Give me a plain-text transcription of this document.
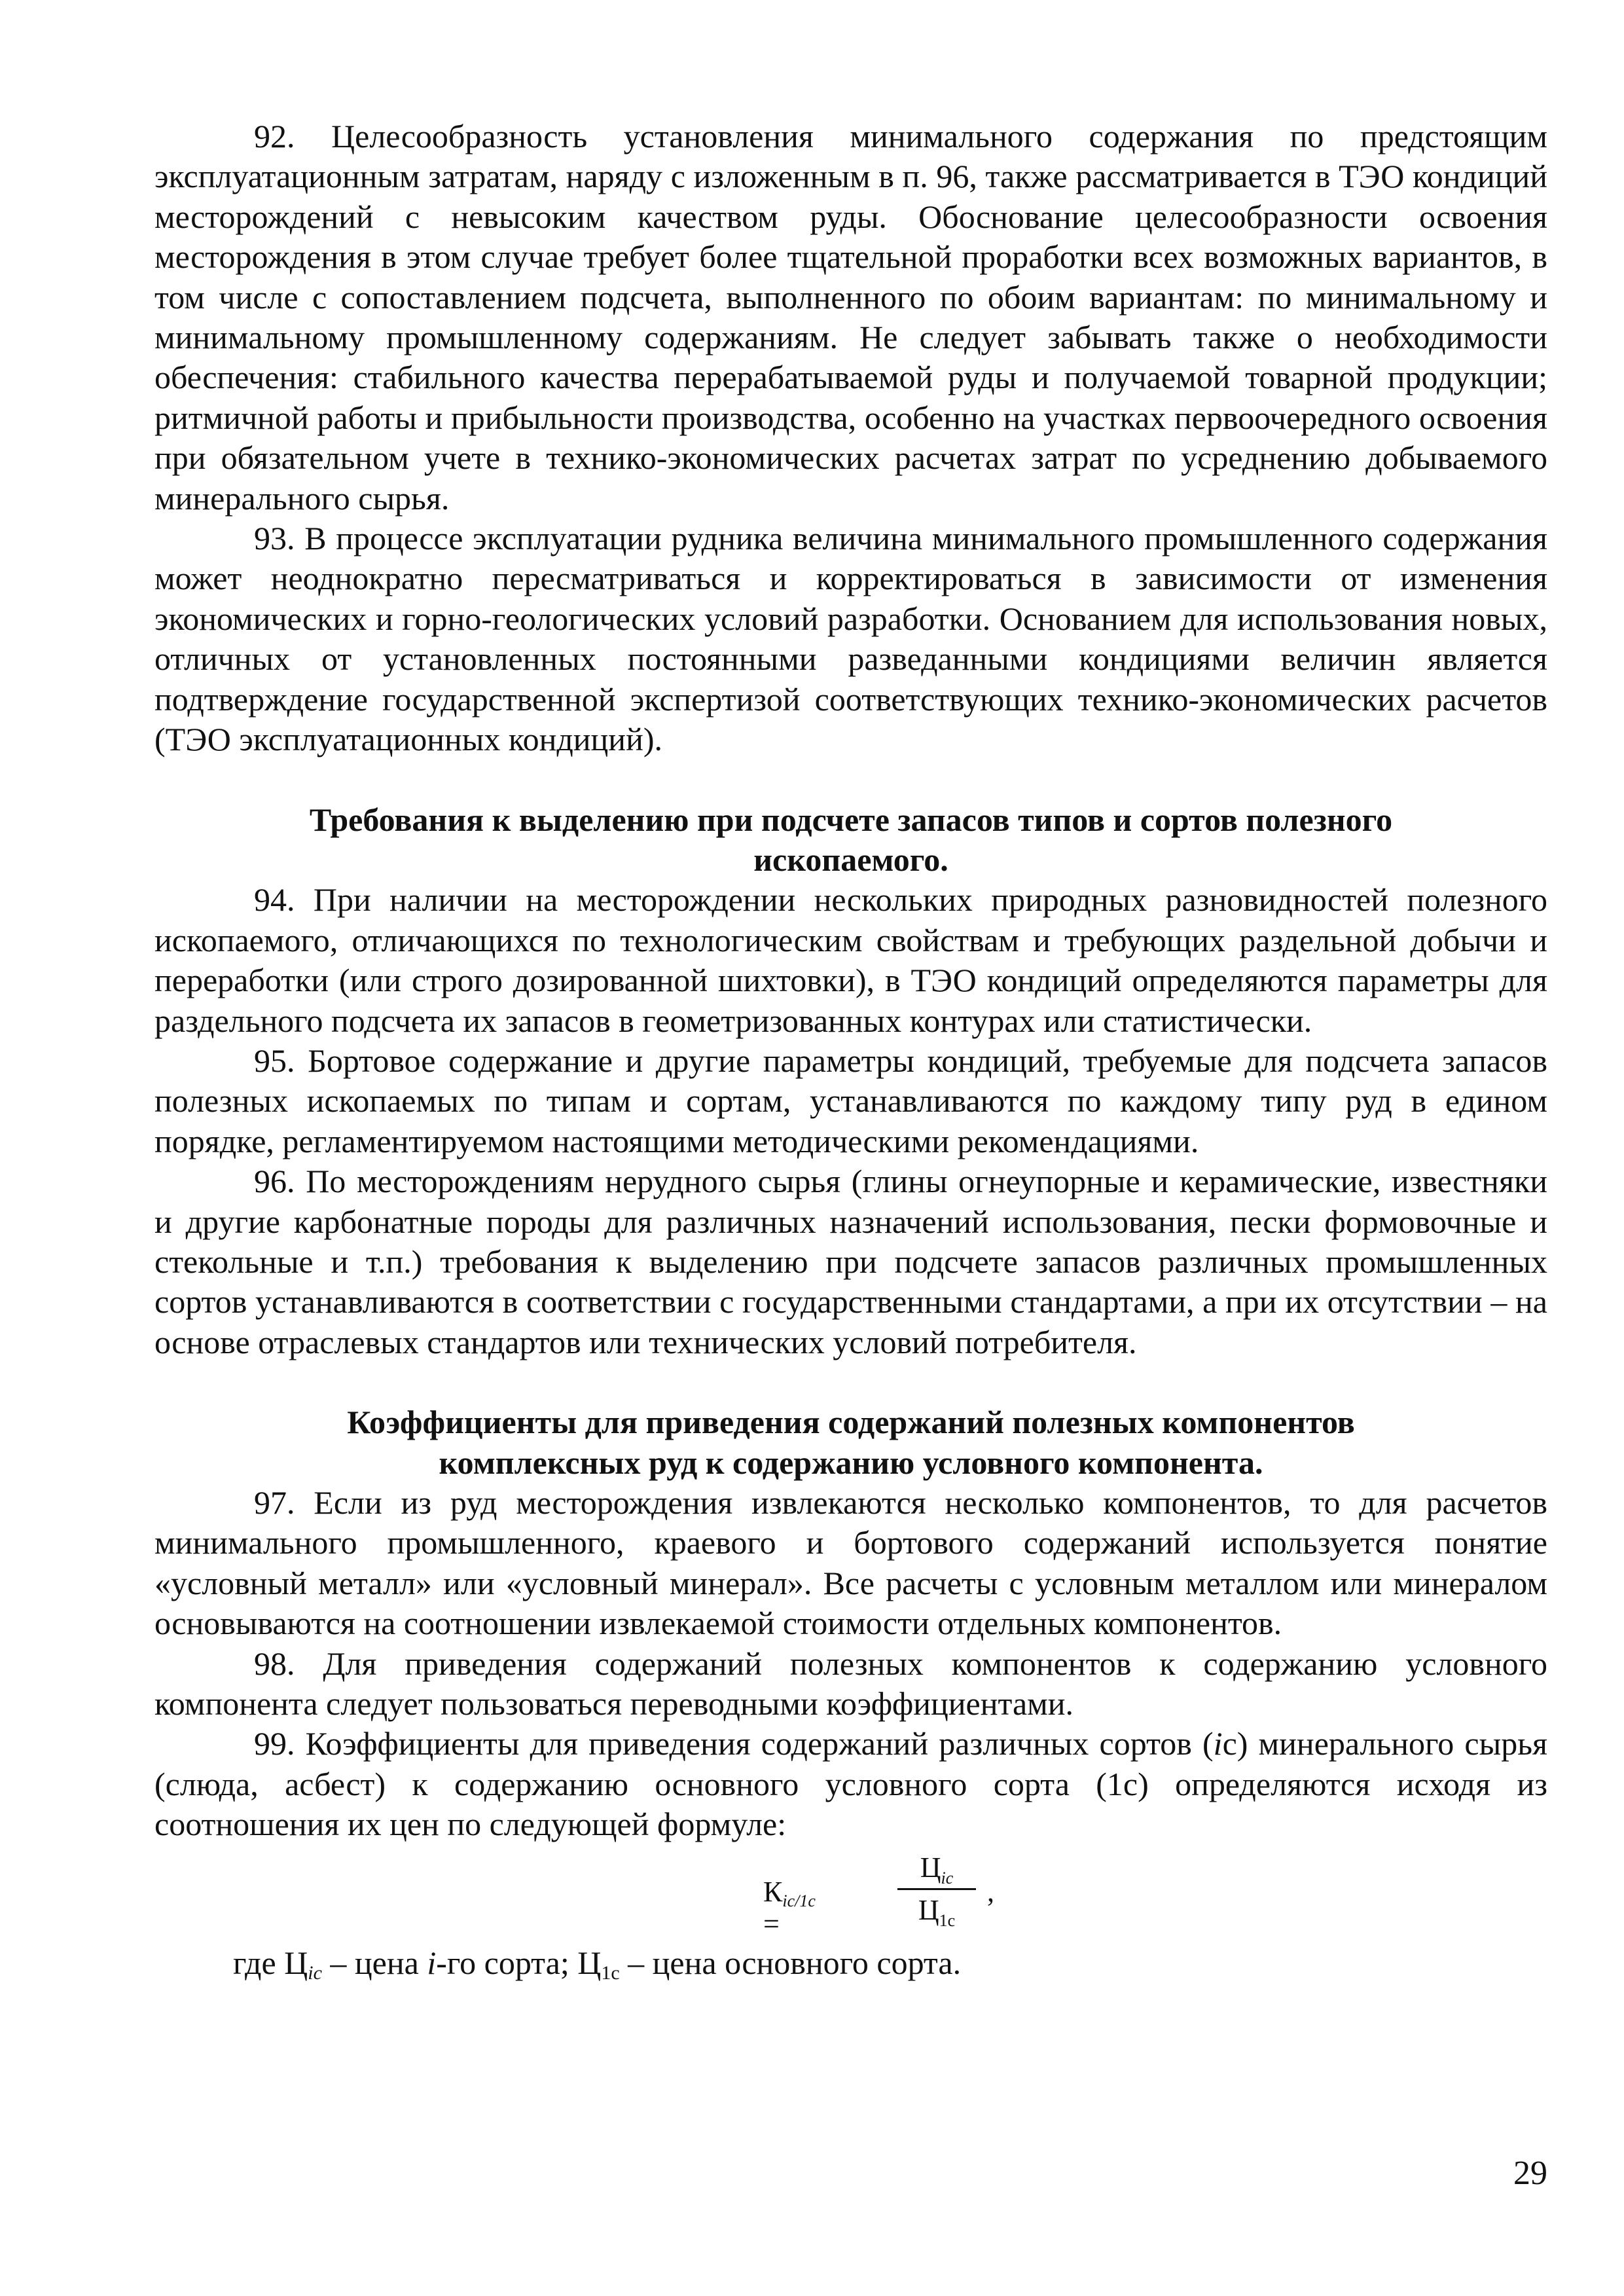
92. Целесообразность установления минимального содержания по предстоящим эксплуатационным затратам, наряду с изложенным в п. 96, также рассматривается в ТЭО кондиций месторождений с невысоким качеством руды. Обоснование целесообразности освоения месторождения в этом случае требует более тщательной проработки всех возможных вариантов, в том числе с сопоставлением подсчета, выполненного по обоим вариантам: по минимальному и минимальному промышленному содержаниям. Не следует забывать также о необходимости обеспечения: стабильного качества перерабатываемой руды и получаемой товарной продукции; ритмичной работы и прибыльности производства, особенно на участках первоочередного освоения при обязательном учете в технико-экономических расчетах затрат по усреднению добываемого минерального сырья.

93. В процессе эксплуатации рудника величина минимального промышленного содержания может неоднократно пересматриваться и корректироваться в зависимости от изменения экономических и горно-геологических условий разработки. Основанием для использования новых, отличных от установленных постоянными разведанными кондициями величин является подтверждение государственной экспертизой соответствующих технико-экономических расчетов (ТЭО эксплуатационных кондиций).

Требования к выделению при подсчете запасов типов и сортов полезного ископаемого.

94. При наличии на месторождении нескольких природных разновидностей полезного ископаемого, отличающихся по технологическим свойствам и требующих раздельной добычи и переработки (или строго дозированной шихтовки), в ТЭО кондиций определяются параметры для раздельного подсчета их запасов в геометризованных контурах или статистически.

95. Бортовое содержание и другие параметры кондиций, требуемые для подсчета запасов полезных ископаемых по типам и сортам, устанавливаются по каждому типу руд в едином порядке, регламентируемом настоящими методическими рекомендациями.

96. По месторождениям нерудного сырья (глины огнеупорные и керамические, известняки и другие карбонатные породы для различных назначений использования, пески формовочные и стекольные и т.п.) требования к выделению при подсчете запасов различных промышленных сортов устанавливаются в соответствии с государственными стандартами, а при их отсутствии – на основе отраслевых стандартов или технических условий потребителя.

Коэффициенты для приведения содержаний полезных компонентов комплексных руд к содержанию условного компонента.

97. Если из руд месторождения извлекаются несколько компонентов, то для расчетов минимального промышленного, краевого и бортового содержаний используется понятие «условный металл» или «условный минерал». Все расчеты с условным металлом или минералом основываются на соотношении извлекаемой стоимости отдельных компонентов.

98. Для приведения содержаний полезных компонентов к содержанию условного компонента следует пользоваться переводными коэффициентами.

99. Коэффициенты для приведения содержаний различных сортов (iс) минерального сырья (слюда, асбест) к содержанию основного условного сорта (1с) определяются исходя из соотношения их цен по следующей формуле:

$К_{ic/1с}$ =
$Ц_{ic}$
$Ц_{1с}$
,

где $Ц_{ic}$ – цена i-го сорта; $Ц_{1с}$ – цена основного сорта.

29
